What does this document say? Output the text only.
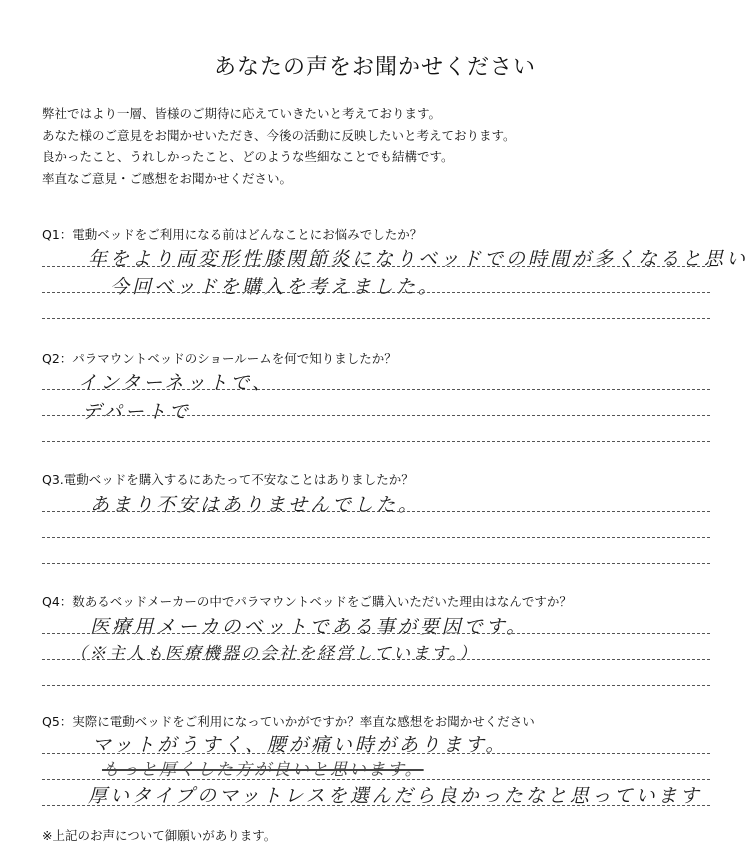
あなたの声をお聞かせください
弊社ではより一層、皆様のご期待に応えていきたいと考えております。
あなた様のご意見をお聞かせいただき、今後の活動に反映したいと考えております。
良かったこと、うれしかったこと、どのような些細なことでも結構です。
率直なご意見・ご感想をお聞かせください。
Q1：電動ベッドをご利用になる前はどんなことにお悩みでしたか？
年をより両変形性膝関節炎になりベッドでの時間が多くなると思い
今回ベッドを購入を考えました。
Q2：パラマウントベッドのショールームを何で知りましたか？
インターネットで、
デパートで
Q3.電動ベッドを購入するにあたって不安なことはありましたか？
あまり不安はありませんでした。
Q4：数あるベッドメーカーの中でパラマウントベッドをご購入いただいた理由はなんですか？
医療用メーカのベットである事が要因です。
（※主人も医療機器の会社を経営しています。）
Q5：実際に電動ベッドをご利用になっていかがですか？率直な感想をお聞かせください
マットがうすく、腰が痛い時があります。
もっと厚くした方が良いと思います。
厚いタイプのマットレスを選んだら良かったなと思っています
※上記のお声について御願いがあります。
